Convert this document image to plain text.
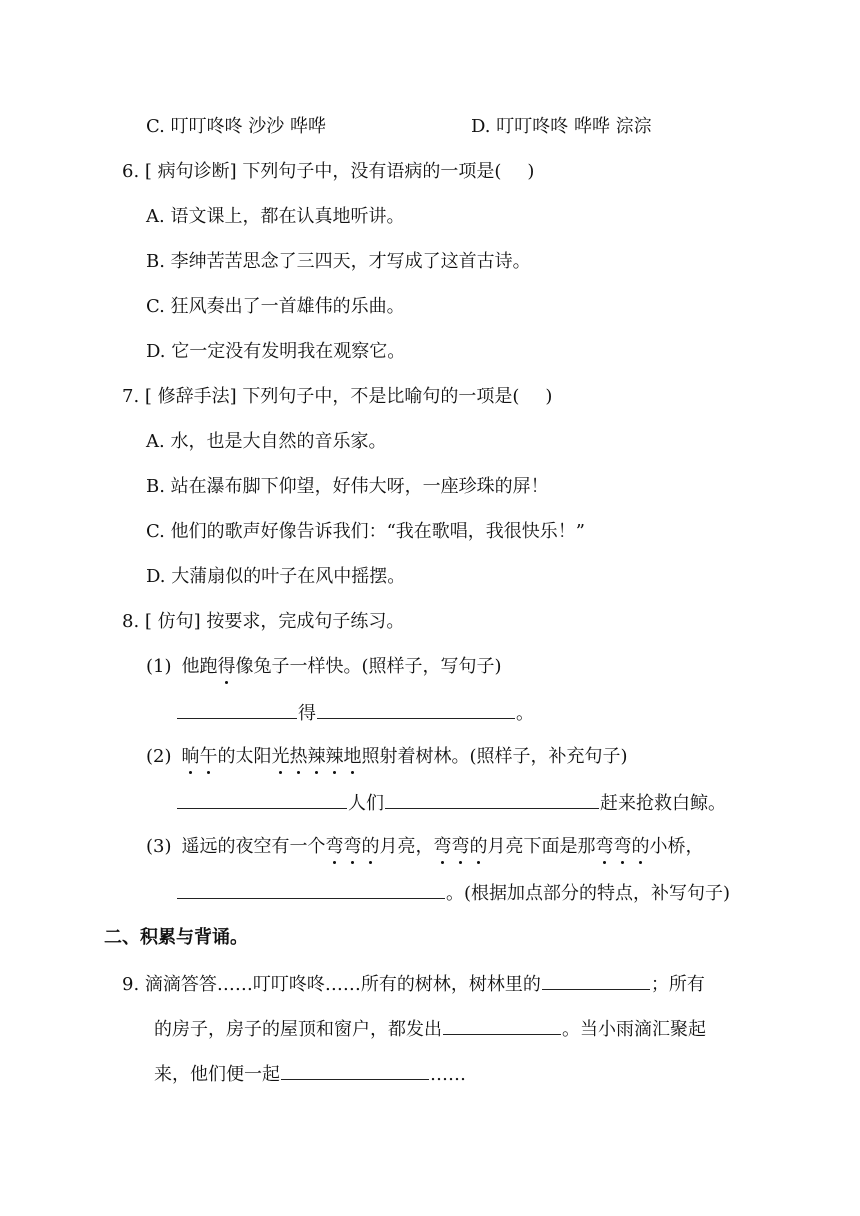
C. 叮叮咚咚 沙沙 哗哗	D. 叮叮咚咚 哗哗 淙淙
6. [ 病句诊断] 下列句子中，没有语病的一项是( )
A. 语文课上，都在认真地听讲。
B. 李绅苦苦思念了三四天，才写成了这首古诗。
C. 狂风奏出了一首雄伟的乐曲。
D. 它一定没有发明我在观察它。
7. [ 修辞手法] 下列句子中，不是比喻句的一项是( )
A. 水，也是大自然的音乐家。
B. 站在瀑布脚下仰望，好伟大呀，一座珍珠的屏！
C. 他们的歌声好像告诉我们：“我在歌唱，我很快乐！”
D. 大蒲扇似的叶子在风中摇摆。
8. [ 仿句] 按要求，完成句子练习。
(1) 他跑得像兔子一样快。(照样子，写句子)
得	。
(2) 晌午的太阳光热辣辣地照射着树林。(照样子，补充句子)
人们	赶来抢救白鲸。
(3) 遥远的夜空有一个弯弯的月亮，弯弯的月亮下面是那弯弯的小桥，
。(根据加点部分的特点，补写句子)
二、积累与背诵。
9. 滴滴答答……叮叮咚咚……所有的树林，树林里的	；所有
的房子，房子的屋顶和窗户，都发出	。当小雨滴汇聚起
来，他们便一起	……
